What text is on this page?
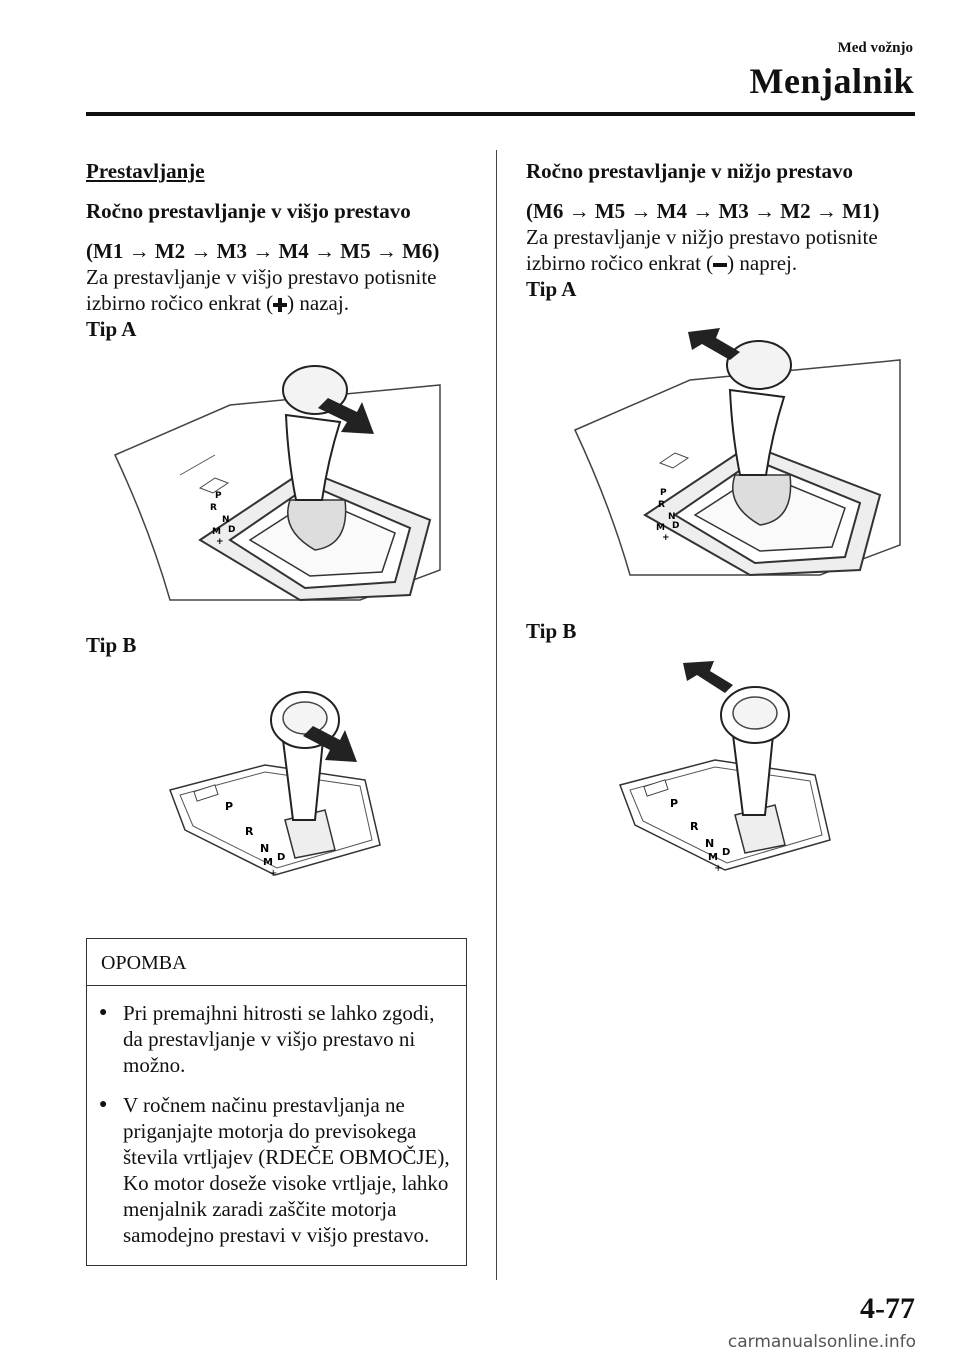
Med vožnjo
Menjalnik

Prestavljanje

Ročno prestavljanje v višjo prestavo

(M1 → M2 → M3 → M4 → M5 → M6)

Za prestavljanje v višjo prestavo potisnite

izbirno ročico enkrat ( ) nazaj.

Tip A

P
R
N
M D
+

Tip B

P
R
N
M D
+
OPOMBA
● Pri premajhni hitrosti se lahko zgodi, da prestavljanje v višjo prestavo ni možno.
● V ročnem načinu prestavljanja ne priganjajte motorja do previsokega števila vrtljajev (RDEČE OBMOČJE), Ko motor doseže visoke vrtljaje, lahko menjalnik zaradi zaščite motorja samodejno prestavi v višjo prestavo.

Ročno prestavljanje v nižjo prestavo

(M6 → M5 → M4 → M3 → M2 → M1)

Za prestavljanje v nižjo prestavo potisnite

izbirno ročico enkrat ( ) naprej.

Tip A

P
R
N
M D
+

Tip B

P
R
N
M D
+
4-77
carmanualsonline.info
